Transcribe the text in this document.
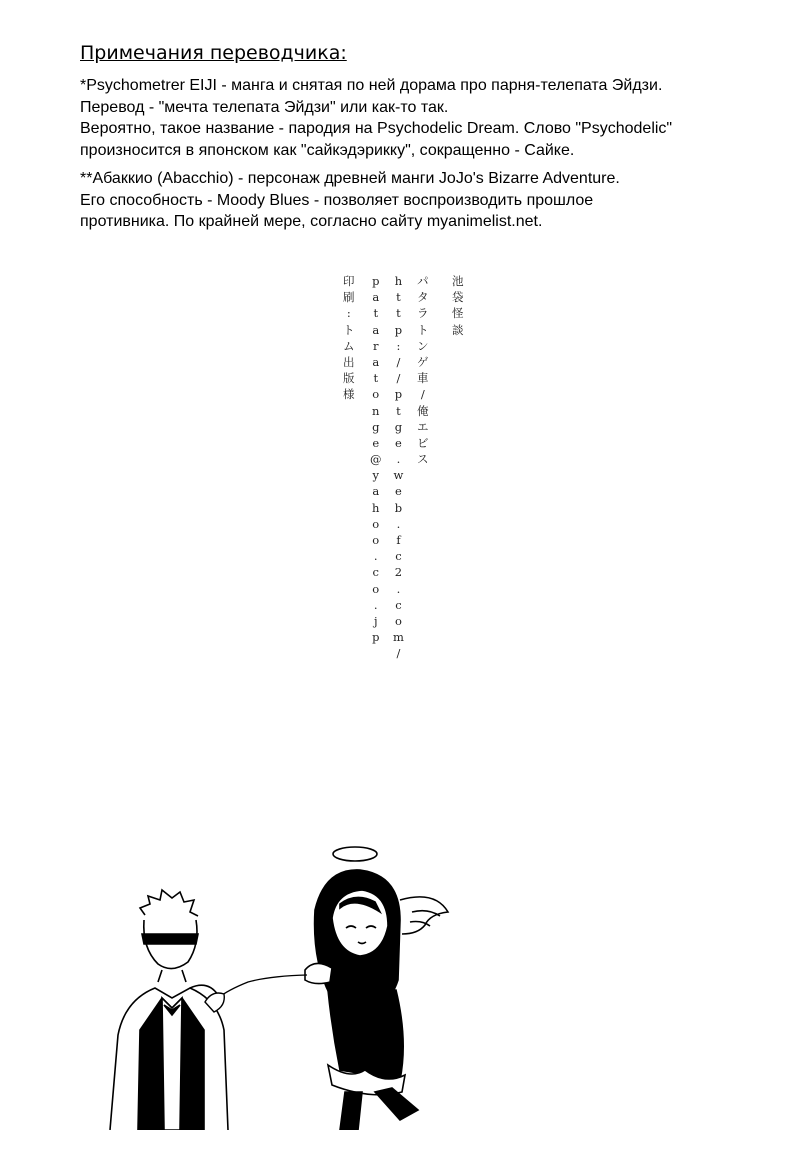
Примечания переводчика:

*Psychometrer EIJI - манга и снятая по ней дорама про парня-телепата Эйдзи.
Перевод - "мечта телепата Эйдзи" или как-то так.
Вероятно, такое название - пародия на Psychodelic Dream. Слово "Psychodelic"
произносится в японском как "сайкэдэрикку", сокращенно - Сайке.

**Абаккио (Abacchio) - персонаж древней манги JoJo's Bizarre Adventure.
Его способность - Moody Blues - позволяет воспроизводить прошлое
противника. По крайней мере, согласно сайту myanimelist.net.

池
袋
怪
談
パ
タ
ラ
ト
ン
ゲ
車
/
俺
エ
ビ
ス
h
t
t
p
:
/
/
p
t
g
e
.
w
e
b
.
f
c
2
.
c
o
m
/
p
a
t
a
r
a
t
o
n
g
e
@
y
a
h
o
o
.
c
o
.
j
p
印
刷
:
ト
ム
出
版
様
